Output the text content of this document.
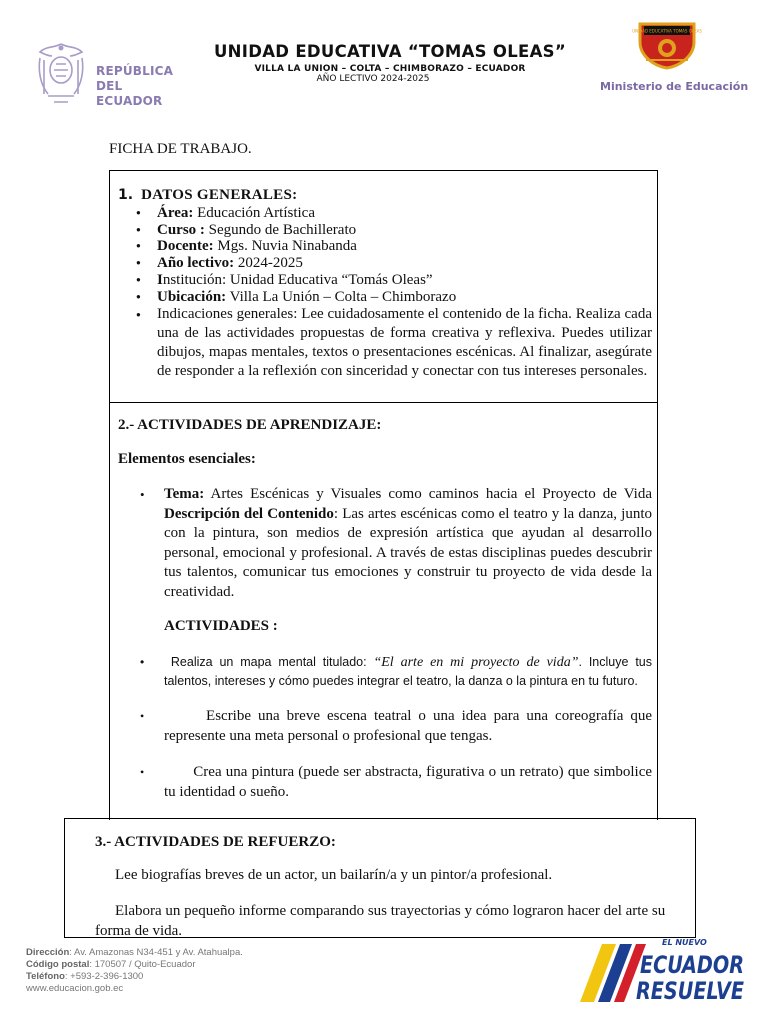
REPÚBLICA
DEL ECUADOR
UNIDAD EDUCATIVA “TOMAS OLEAS”
VILLA LA UNION – COLTA – CHIMBORAZO – ECUADOR
AÑO LECTIVO 2024-2025
UNIDAD EDUCATIVA TOMAS OLEAS
Ministerio de Educación
FICHA DE TRABAJO.
1. DATOS GENERALES:
● Área: Educación Artística
● Curso : Segundo de Bachillerato
● Docente: Mgs. Nuvia Ninabanda
● Año lectivo: 2024-2025
● Institución: Unidad Educativa “Tomás Oleas”
● Ubicación: Villa La Unión – Colta – Chimborazo
● Indicaciones generales: Lee cuidadosamente el contenido de la ficha. Realiza cada una de las actividades propuestas de forma creativa y reflexiva. Puedes utilizar dibujos, mapas mentales, textos o presentaciones escénicas. Al finalizar, asegúrate de responder a la reflexión con sinceridad y conectar con tus intereses personales.
2.- ACTIVIDADES DE APRENDIZAJE:
Elementos esenciales:
• Tema: Artes Escénicas y Visuales como caminos hacia el Proyecto de Vida Descripción del Contenido: Las artes escénicas como el teatro y la danza, junto con la pintura, son medios de expresión artística que ayudan al desarrollo personal, emocional y profesional. A través de estas disciplinas puedes descubrir tus talentos, comunicar tus emociones y construir tu proyecto de vida desde la creatividad.
ACTIVIDADES :
• Realiza un mapa mental titulado: “El arte en mi proyecto de vida”. Incluye tus talentos, intereses y cómo puedes integrar el teatro, la danza o la pintura en tu futuro.
•	Escribe una breve escena teatral o una idea para una coreografía que represente una meta personal o profesional que tengas.
•	Crea una pintura (puede ser abstracta, figurativa o un retrato) que simbolice tu identidad o sueño.
3.- ACTIVIDADES DE REFUERZO:
Lee biografías breves de un actor, un bailarín/a y un pintor/a profesional.
Elabora un pequeño informe comparando sus trayectorias y cómo lograron hacer del arte su forma de vida.
Dirección: Av. Amazonas N34-451 y Av. Atahualpa.
Código postal: 170507 / Quito-Ecuador
Teléfono: +593-2-396-1300
www.educacion.gob.ec
EL NUEVO
ECUADOR
RESUELVE
